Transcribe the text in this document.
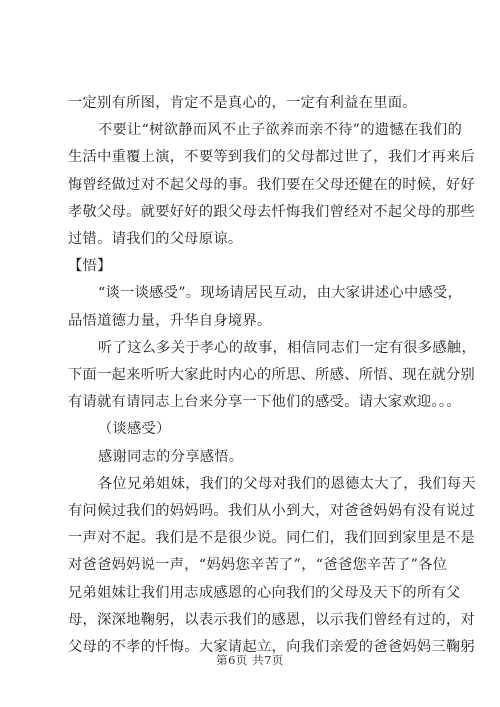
一定别有所图，肯定不是真心的，一定有利益在里面。

不要让“树欲静而风不止子欲养而亲不待”的遗憾在我们的

生活中重覆上演，不要等到我们的父母都过世了，我们才再来后

悔曾经做过对不起父母的事。我们要在父母还健在的时候，好好

孝敬父母。就要好好的跟父母去忏悔我们曾经对不起父母的那些

过错。请我们的父母原谅。

【悟】

“谈一谈感受”。现场请居民互动，由大家讲述心中感受，

品悟道德力量，升华自身境界。

听了这么多关于孝心的故事，相信同志们一定有很多感触，

下面一起来听听大家此时内心的所思、所感、所悟、现在就分别

有请就有请同志上台来分享一下他们的感受。请大家欢迎。。。

（谈感受）

感谢同志的分享感悟。

各位兄弟姐妹，我们的父母对我们的恩德太大了，我们每天

有问候过我们的妈妈吗。我们从小到大，对爸爸妈妈有没有说过

一声对不起。我们是不是很少说。同仁们，我们回到家里是不是

对爸爸妈妈说一声，“妈妈您辛苦了”，“爸爸您辛苦了”各位

兄弟姐妹让我们用志成感恩的心向我们的父母及天下的所有父

母，深深地鞠躬，以表示我们的感恩，以示我们曾经有过的，对

父母的不孝的忏悔。大家请起立，向我们亲爱的爸爸妈妈三鞠躬

第6页 共7页
